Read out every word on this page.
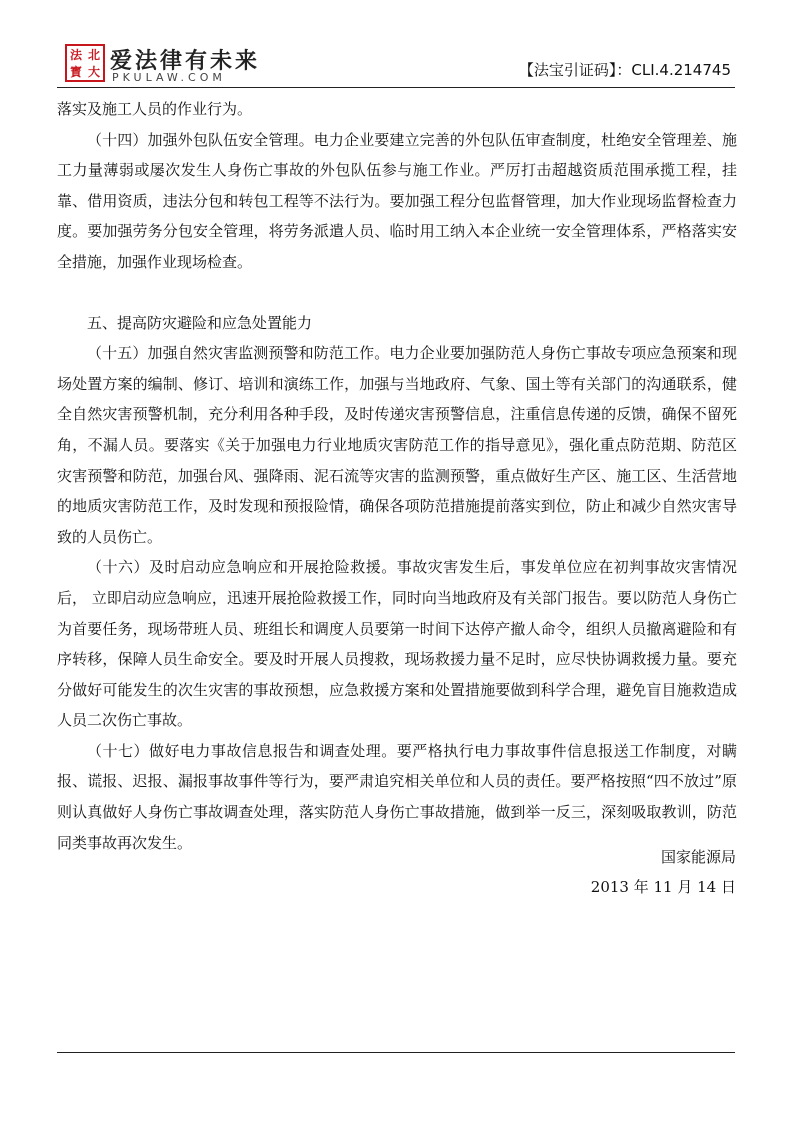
法 北
寳 大 爱法律有未来
PKULAW.COM	【法宝引证码】：CLI.4.214745

落实及施工人员的作业行为。

（十四）加强外包队伍安全管理。电力企业要建立完善的外包队伍审查制度，杜绝安全管理差、施工力量薄弱或屡次发生人身伤亡事故的外包队伍参与施工作业。严厉打击超越资质范围承揽工程，挂靠、借用资质，违法分包和转包工程等不法行为。要加强工程分包监督管理，加大作业现场监督检查力度。要加强劳务分包安全管理，将劳务派遣人员、临时用工纳入本企业统一安全管理体系，严格落实安全措施，加强作业现场检查。

五、提高防灾避险和应急处置能力

（十五）加强自然灾害监测预警和防范工作。电力企业要加强防范人身伤亡事故专项应急预案和现场处置方案的编制、修订、培训和演练工作，加强与当地政府、气象、国土等有关部门的沟通联系，健全自然灾害预警机制，充分利用各种手段，及时传递灾害预警信息，注重信息传递的反馈，确保不留死角，不漏人员。要落实《关于加强电力行业地质灾害防范工作的指导意见》，强化重点防范期、防范区灾害预警和防范，加强台风、强降雨、泥石流等灾害的监测预警，重点做好生产区、施工区、生活营地的地质灾害防范工作，及时发现和预报险情，确保各项防范措施提前落实到位，防止和减少自然灾害导致的人员伤亡。

（十六）及时启动应急响应和开展抢险救援。事故灾害发生后，事发单位应在初判事故灾害情况后， 立即启动应急响应，迅速开展抢险救援工作，同时向当地政府及有关部门报告。要以防范人身伤亡为首要任务，现场带班人员、班组长和调度人员要第一时间下达停产撤人命令，组织人员撤离避险和有序转移，保障人员生命安全。要及时开展人员搜救，现场救援力量不足时，应尽快协调救援力量。要充分做好可能发生的次生灾害的事故预想，应急救援方案和处置措施要做到科学合理，避免盲目施救造成人员二次伤亡事故。

（十七）做好电力事故信息报告和调查处理。要严格执行电力事故事件信息报送工作制度，对瞒报、谎报、迟报、漏报事故事件等行为，要严肃追究相关单位和人员的责任。要严格按照“四不放过”原则认真做好人身伤亡事故调查处理，落实防范人身伤亡事故措施，做到举一反三，深刻吸取教训，防范同类事故再次发生。

国家能源局
2013 年 11 月 14 日
